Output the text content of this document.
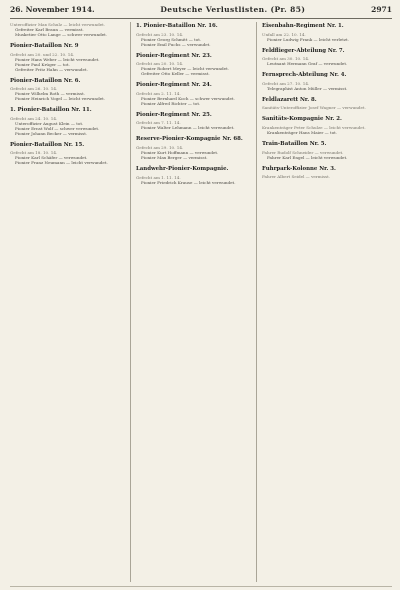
26. November 1914.	Deutsche Verlustlisten. (Pr. 85)	2971
Unteroffizier Max Schulz — leicht verwundet.
Gefreiter Karl Braun — vermisst.
Musketier Otto Lange — schwer verwundet.
Pionier-Bataillon Nr. 9
Gefecht am 20. und 22. 10. 14.
Pionier Hans Weber — leicht verwundet.
Pionier Paul Krüger — tot.
Gefreiter Fritz Hahn — verwundet.
Pionier-Bataillon Nr. 6.
Gefecht am 26. 10. 14.
Pionier Wilhelm Roth — vermisst.
Pionier Heinrich Vogel — leicht verwundet.
1. Pionier-Bataillon Nr. 11.
Gefecht am 24. 10. 14.
Unteroffizier August Klein — tot.
Pionier Ernst Wolf — schwer verwundet.
Pionier Johann Becker — vermisst.
Pionier-Bataillon Nr. 15.
Gefecht am 18. 10. 14.
Pionier Karl Schäfer — verwundet.
Pionier Franz Neumann — leicht verwundet.
1. Pionier-Bataillon Nr. 16.
Gefecht am 23. 10. 14.
Pionier Georg Schmitt — tot.
Pionier Emil Fuchs — verwundet.
Pionier-Regiment Nr. 23.
Gefecht am 20. 10. 14.
Pionier Robert Meyer — leicht verwundet.
Gefreiter Otto Keller — vermisst.
Pionier-Regiment Nr. 24.
Gefecht am 2. 11. 14.
Pionier Bernhard Koch — schwer verwundet.
Pionier Alfred Richter — tot.
Pionier-Regiment Nr. 25.
Gefecht am 7. 11. 14.
Pionier Walter Lehmann — leicht verwundet.
Reserve-Pionier-Kompagnie Nr. 68.
Gefecht am 29. 10. 14.
Pionier Kurt Hoffmann — verwundet.
Pionier Max Berger — vermisst.
Landwehr-Pionier-Kompagnie.
Gefecht am 1. 11. 14.
Pionier Friedrich Krause — leicht verwundet.
Eisenbahn-Regiment Nr. 1.
Unfall am 22. 10. 14.
Pionier Ludwig Frank — leicht verletzt.
Feldflieger-Abteilung Nr. 7.
Gefecht am 30. 10. 14.
Leutnant Hermann Graf — verwundet.
Fernsprech-Abteilung Nr. 4.
Gefecht am 27. 10. 14.
Telegraphist Anton Müller — vermisst.
Feldlazarett Nr. 8.
Sanitäts-Unteroffizier Josef Wagner — verwundet.
Sanitäts-Kompagnie Nr. 2.
Krankenträger Peter Schulze — leicht verwundet.
Krankenträger Hans Maier — tot.
Train-Bataillon Nr. 5.
Fahrer Rudolf Schneider — verwundet.
Fahrer Karl Engel — leicht verwundet.
Fuhrpark-Kolonne Nr. 3.
Fahrer Albert Seidel — vermisst.
